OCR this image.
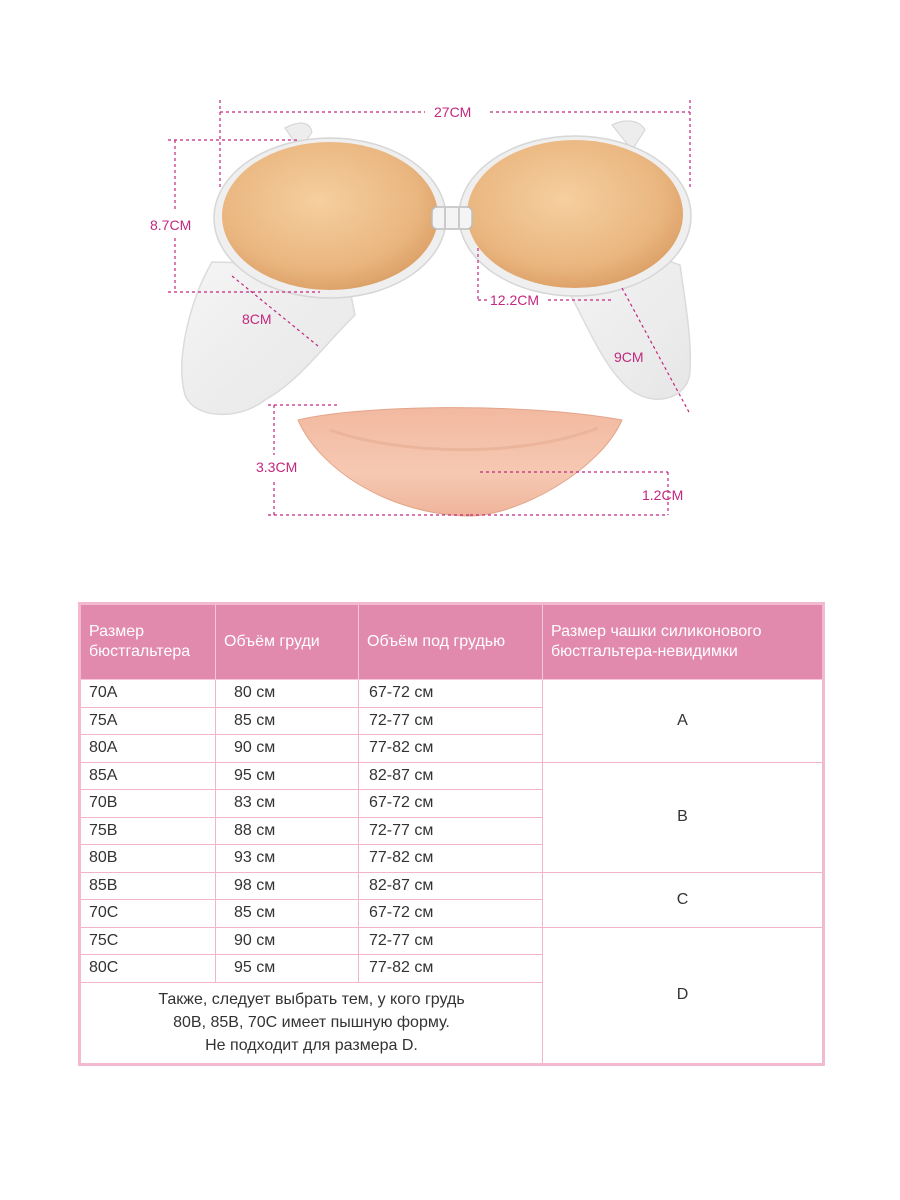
27CM
8.7CM
8CM
12.2CM
9CM
3.3CM
1.2CM
Размер бюстгальтера	Объём груди	Объём под грудью	Размер чашки силиконового бюстгальтера-невидимки
70A	80 см	67-72 см	A
75A	85 см	72-77 см	
80A	90 см	77-82 см	
85A	95 см	82-87 см	B
70B	83 см	67-72 см	
75B	88 см	72-77 см	
80B	93 см	77-82 см	
85B	98 см	82-87 см	C
70C	85 см	67-72 см	
75C	90 см	72-77 см	D
80C	95 см	77-82 см	

Также, следует выбрать тем, у кого грудь
80B, 85B, 70C имеет пышную форму.
Не подходит для размера D.			
